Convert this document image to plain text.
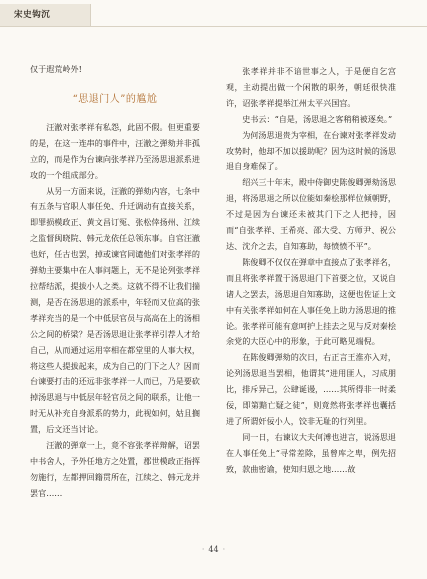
宋史钩沉

仅于遐荒岭外!

“思退门人”的尴尬

汪澈对张孝祥有私怨，此固不假。但更重要的是，在这一连串的事件中，汪澈之弹劾并非孤立的，而是作为台谏向张孝祥乃至汤思退派系进攻的一个组成部分。

从另一方面来说，汪澈的弹劾内容，七条中有五条与官职人事任免、升迁调动有直接关系，即罪损模政正、黄文昌订冤、张松倖扬州、江续之监督闽晓院、韩元龙依任总领东事。自官汪澈也好，任古也罢，掉或谏官同谴他们对张孝祥的弹劾主要集中在人事问题上，无不是论列张孝祥拉帮结派，提拔小人之类。这就不得不让我们揣测，是否在汤思退的派系中，年轻而又位高的张孝祥充当的是一个中低层官员与高高在上的汤相公之间的桥梁？是否汤思退让张孝祥引荐人才给自己，从而通过运用宰相在都堂里的人事大权，将这些人提拔起来，成为自己的门下之人？因而台谏要打击的还远非张孝祥一人而已，乃是要砍掉汤思退与中低层年轻官员之间的联系，让他一时无从补充自身派系的势力，此视如何，姑且搁置，后文还当讨论。

汪澈的弹章一上，竟不容张孝祥辩解，诏罢中书舍人，予外任地方之处置，郡世模政正指挥勿施行，左都押回籍贯所在，江续之、韩元龙并罢官……

张孝祥并非不谙世事之人，于是便自乞宫观，主动提出做一个闲散的职务，朝廷很快准许，诏张孝祥提举江州太平兴国宫。

史书云：“自是，汤思退之客稍稍被逐矣。”

为何汤思退贵为宰相，在台谏对张孝祥发动攻势时，他却不加以援助呢？因为这时候的汤思退自身难保了。

绍兴三十年末，殿中侍御史陈俊卿弹劾汤思退，将汤思退之所以位能如秦桧那样位倾朝野，不过是因为台谏还未被其门下之人把持，因而“自张孝祥、王希亮、邵大受、方师尹、祝公达、沈介之去，自知寡助，每愤愤不平”。

陈俊卿不仅仅在弹章中直接点了张孝祥名，而且将张孝祥置于汤思退门下首要之位，又说自诸人之罢去，汤思退自知寡助，这便也佐证上文中有关张孝祥如何在人事任免上助力汤思退的推论。张孝祥可能有意呵护上挂去之见与反对秦桧余党的大臣心中的形象，于此可略见端倪。

在陈俊卿弹劾的次日，右正言王淮亦入对，论列汤思退当罢相，他谓其“进用匪人，习成朋比，排斥异己，公肆诞谩，……其所得非一时柔佞，即第黯亡疑之徒”，则竟然将张孝祥也囊括进了所谓奸佞小人，饺非无耻的行列里。

同一日，右谏议大夫何溥也进言，说汤思退在人事任免上“寻常差除，虽曾库之卑，例先招致，款曲密谕，使知归恩之地……故

· 44 ·
